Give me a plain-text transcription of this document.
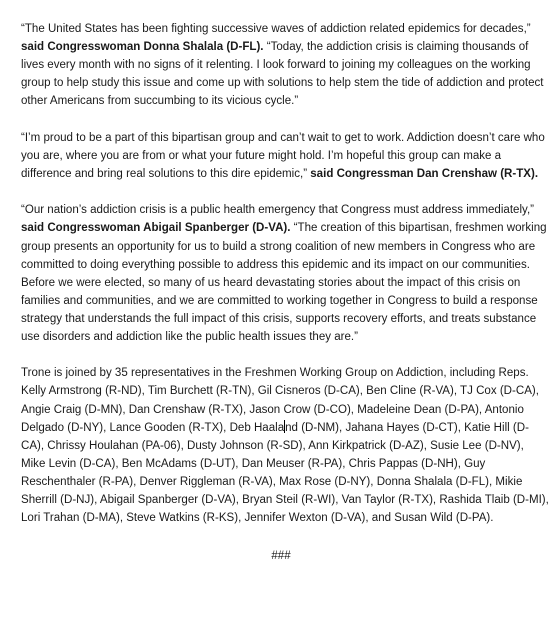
“The United States has been fighting successive waves of addiction related epidemics for decades,” said Congresswoman Donna Shalala (D-FL). “Today, the addiction crisis is claiming thousands of lives every month with no signs of it relenting. I look forward to joining my colleagues on the working group to help study this issue and come up with solutions to help stem the tide of addiction and protect other Americans from succumbing to its vicious cycle.”

“I’m proud to be a part of this bipartisan group and can’t wait to get to work. Addiction doesn’t care who you are, where you are from or what your future might hold. I’m hopeful this group can make a difference and bring real solutions to this dire epidemic,” said Congressman Dan Crenshaw (R-TX).

“Our nation’s addiction crisis is a public health emergency that Congress must address immediately,” said Congresswoman Abigail Spanberger (D-VA). “The creation of this bipartisan, freshmen working group presents an opportunity for us to build a strong coalition of new members in Congress who are committed to doing everything possible to address this epidemic and its impact on our communities. Before we were elected, so many of us heard devastating stories about the impact of this crisis on families and communities, and we are committed to working together in Congress to build a response strategy that understands the full impact of this crisis, supports recovery efforts, and treats substance use disorders and addiction like the public health issues they are.”

Trone is joined by 35 representatives in the Freshmen Working Group on Addiction, including Reps. Kelly Armstrong (R-ND), Tim Burchett (R-TN), Gil Cisneros (D-CA), Ben Cline (R-VA), TJ Cox (D-CA), Angie Craig (D-MN), Dan Crenshaw (R-TX), Jason Crow (D-CO), Madeleine Dean (D-PA), Antonio Delgado (D-NY), Lance Gooden (R-TX), Deb Haaland (D-NM), Jahana Hayes (D-CT), Katie Hill (D-CA), Chrissy Houlahan (PA-06), Dusty Johnson (R-SD), Ann Kirkpatrick (D-AZ), Susie Lee (D-NV), Mike Levin (D-CA), Ben McAdams (D-UT), Dan Meuser (R-PA), Chris Pappas (D-NH), Guy Reschenthaler (R-PA), Denver Riggleman (R-VA), Max Rose (D-NY), Donna Shalala (D-FL), Mikie Sherrill (D-NJ), Abigail Spanberger (D-VA), Bryan Steil (R-WI), Van Taylor (R-TX), Rashida Tlaib (D-MI), Lori Trahan (D-MA), Steve Watkins (R-KS), Jennifer Wexton (D-VA), and Susan Wild (D-PA).

###
